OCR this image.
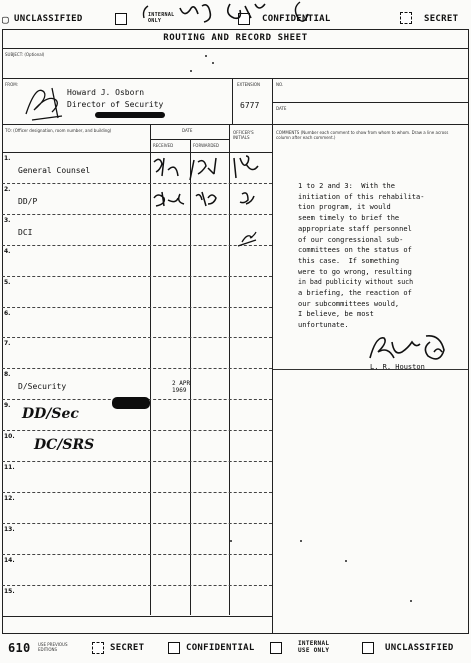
▢ UNCLASSIFIED	INTERNAL
ONLY	CONFIDENTIAL	SECRET
ROUTING AND RECORD SHEET
SUBJECT: (Optional)
FROM:
Howard J. Osborn
Director of Security
EXTENSION
6777
NO.
DATE
TO: (Officer designation, room number, and building)	DATE
RECEIVED	FORWARDED
OFFICER'S INITIALS
COMMENTS (Number each comment to show from whom to whom. Draw a line across column after each comment.)
1.
General Counsel
2.
DD/P
3.
DCI
4.
5.
6.
7.
8.
D/Security	2 APR 1969
9.
DD/Sec
10.
DC/SRS
11.
12.
13.
14.
15.
1 to 2 and 3:  With the
initiation of this rehabilita-
tion program, it would
seem timely to brief the
appropriate staff personnel
of our congressional sub-
committees on the status of
this case.  If something
were to go wrong, resulting
in bad publicity without such
a briefing, the reaction of
our subcommittees would,
I believe, be most
unfortunate.
L. R. Houston
610 USE PREVIOUS EDITIONS	SECRET	CONFIDENTIAL	INTERNAL
USE ONLY	UNCLASSIFIED
